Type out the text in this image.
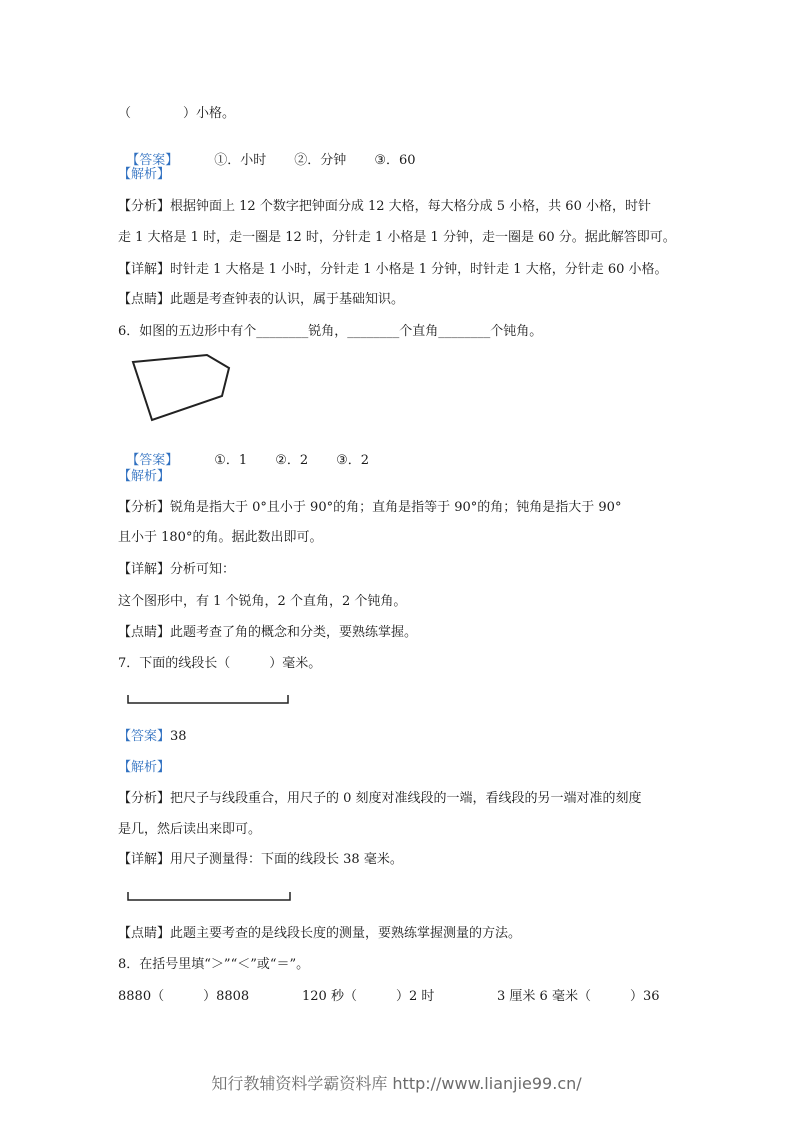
（　　　　）小格。

【答案】	①．小时 ②．分钟 ③．60

【解析】
【分析】根据钟面上 12 个数字把钟面分成 12 大格，每大格分成 5 小格，共 60 小格，时针
走 1 大格是 1 时，走一圈是 12 时，分针走 1 小格是 1 分钟，走一圈是 60 分。据此解答即可。
【详解】时针走 1 大格是 1 小时，分针走 1 小格是 1 分钟，时针走 1 大格，分针走 60 小格。
【点睛】此题是考查钟表的认识，属于基础知识。
6．如图的五边形中有个________锐角，________个直角________个钝角。

【答案】	①．1 ②．2 ③．2

【解析】
【分析】锐角是指大于 0°且小于 90°的角；直角是指等于 90°的角；钝角是指大于 90°
且小于 180°的角。据此数出即可。
【详解】分析可知：
这个图形中，有 1 个锐角，2 个直角，2 个钝角。
【点睛】此题考查了角的概念和分类，要熟练掌握。
7．下面的线段长（　　　）毫米。
【答案】38
【解析】
【分析】把尺子与线段重合，用尺子的 0 刻度对准线段的一端，看线段的另一端对准的刻度
是几，然后读出来即可。
【详解】用尺子测量得：下面的线段长 38 毫米。
【点睛】此题主要考查的是线段长度的测量，要熟练掌握测量的方法。
8．在括号里填“＞”“＜”或“＝”。
8880（　　　）8808	120 秒（　　　）2 时	3 厘米 6 毫米（　　　）36
知行教辅资料学霸资料库 http://www.lianjie99.cn/
